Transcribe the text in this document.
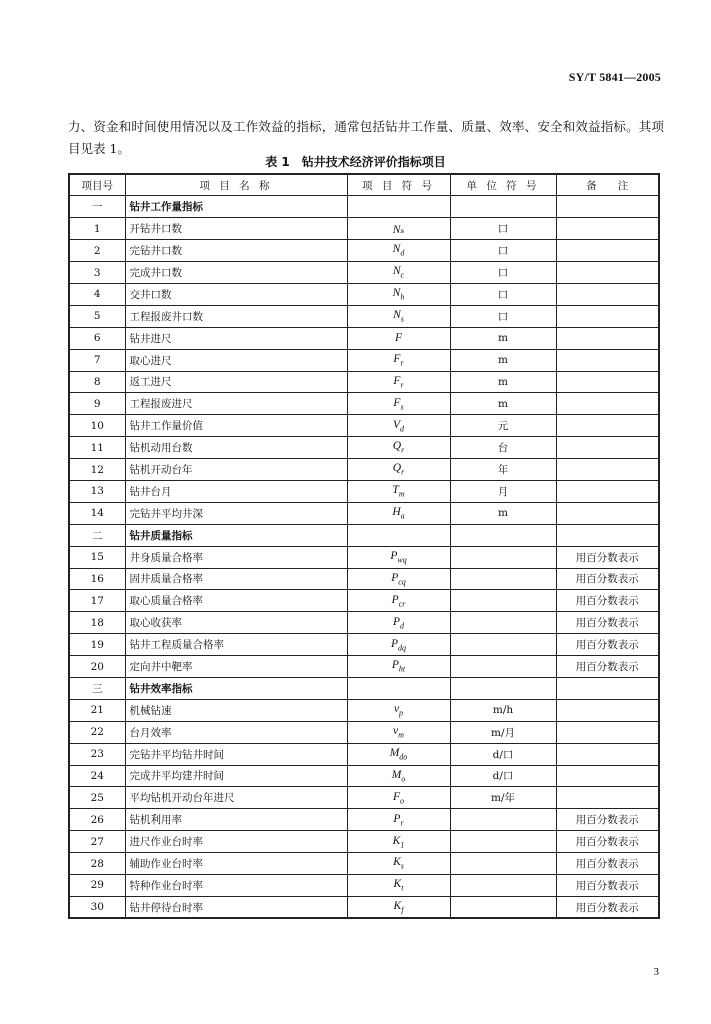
SY/T 5841—2005

力、资金和时间使用情况以及工作效益的指标，通常包括钻井工作量、质量、效率、安全和效益指标。其项目见表 1。

表 1　钻井技术经济评价指标项目
项目号	项 目 名 称	项 目 符 号	单 位 符 号	备　　注
一	钻井工作量指标			
1	开钻井口数	Nₛ	口	
2	完钻井口数	$N_d$	口	
3	完成井口数	$N_c$	口	
4	交井口数	$N_h$	口	
5	工程报废井口数	$N_s$	口	
6	钻井进尺	F	m	
7	取心进尺	$F_r$	m	
8	返工进尺	$F_r$	m	
9	工程报废进尺	$F_s$	m	
10	钻井工作量价值	$V_d$	元	
11	钻机动用台数	$Q_r$	台	
12	钻机开动台年	$Q_r$	年	
13	钻井台月	$T_m$	月	
14	完钻井平均井深	$H_a$	m	
二	钻井质量指标			
15	井身质量合格率	$P_{wq}$		用百分数表示
16	固井质量合格率	$P_{cq}$		用百分数表示
17	取心质量合格率	$P_{cr}$		用百分数表示
18	取心收获率	$P_d$		用百分数表示
19	钻井工程质量合格率	$P_{dq}$		用百分数表示
20	定向井中靶率	$P_{ht}$		用百分数表示
三	钻井效率指标			
21	机械钻速	$v_p$	m/h	
22	台月效率	$v_m$	m/月	
23	完钻井平均钻井时间	$M_{do}$	d/口	
24	完成井平均建井时间	$M_o$	d/口	
25	平均钻机开动台年进尺	$F_o$	m/年	
26	钻机利用率	$P_r$		用百分数表示
27	进尺作业台时率	$K_1$		用百分数表示
28	辅助作业台时率	$K_s$		用百分数表示
29	特种作业台时率	$K_t$		用百分数表示
30	钻井停待台时率	$K_f$		用百分数表示
3
